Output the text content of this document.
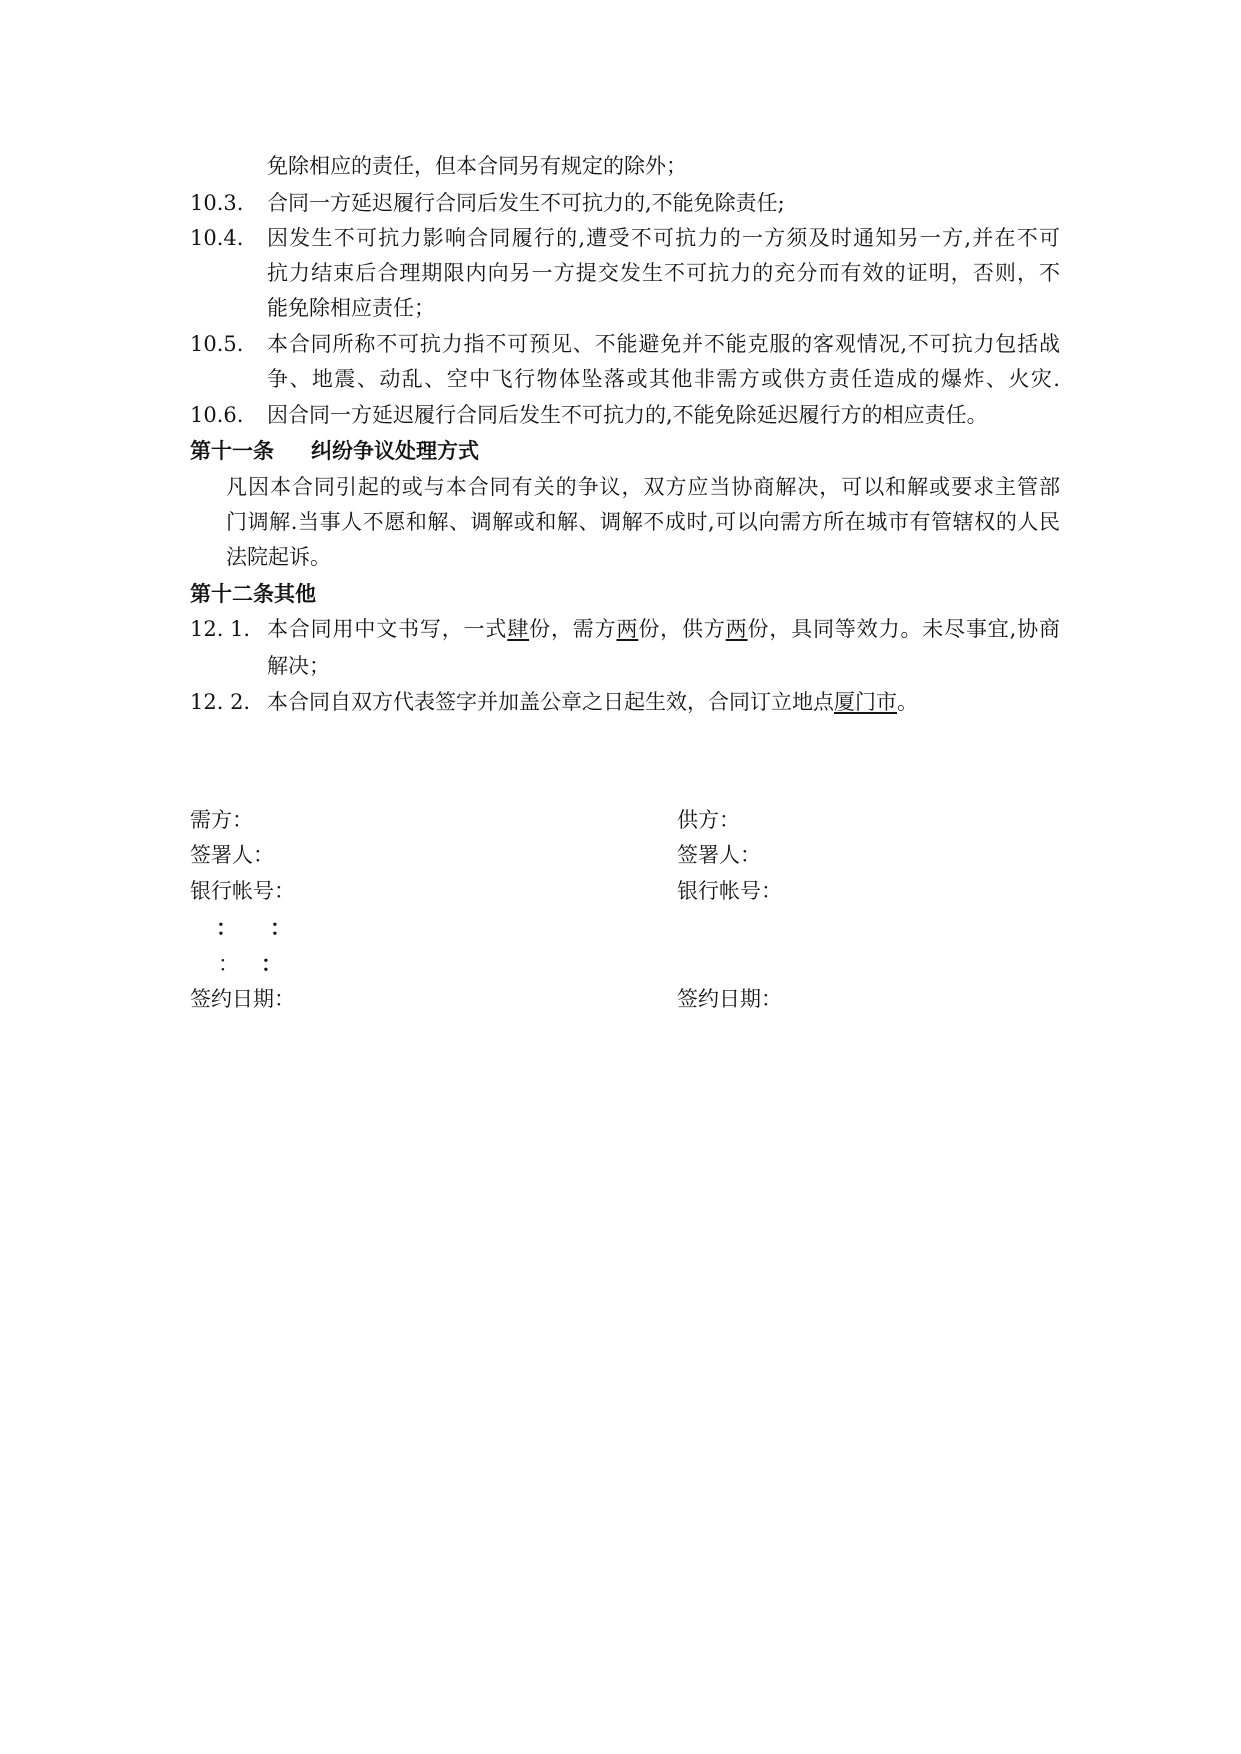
免除相应的责任，但本合同另有规定的除外；
10.3. 合同一方延迟履行合同后发生不可抗力的,不能免除责任;
10.4. 因发生不可抗力影响合同履行的,遭受不可抗力的一方须及时通知另一方,并在不可
抗力结束后合理期限内向另一方提交发生不可抗力的充分而有效的证明，否则，不
能免除相应责任；
10.5. 本合同所称不可抗力指不可预见、不能避免并不能克服的客观情况,不可抗力包括战
争、地震、动乱、空中飞行物体坠落或其他非需方或供方责任造成的爆炸、火灾.
10.6. 因合同一方延迟履行合同后发生不可抗力的,不能免除延迟履行方的相应责任。
第十一条 纠纷争议处理方式
凡因本合同引起的或与本合同有关的争议，双方应当协商解决，可以和解或要求主管部
门调解.当事人不愿和解、调解或和解、调解不成时,可以向需方所在城市有管辖权的人民
法院起诉。
第十二条其他
12. 1. 本合同用中文书写，一式肆份，需方两份，供方两份，具同等效力。未尽事宜,协商
解决；
12. 2. 本合同自双方代表签字并加盖公章之日起生效，合同订立地点厦门市。
需方：	供方：
签署人：	签署人：
银行帐号：	银行帐号：
： ：
： ：
签约日期：	签约日期：
